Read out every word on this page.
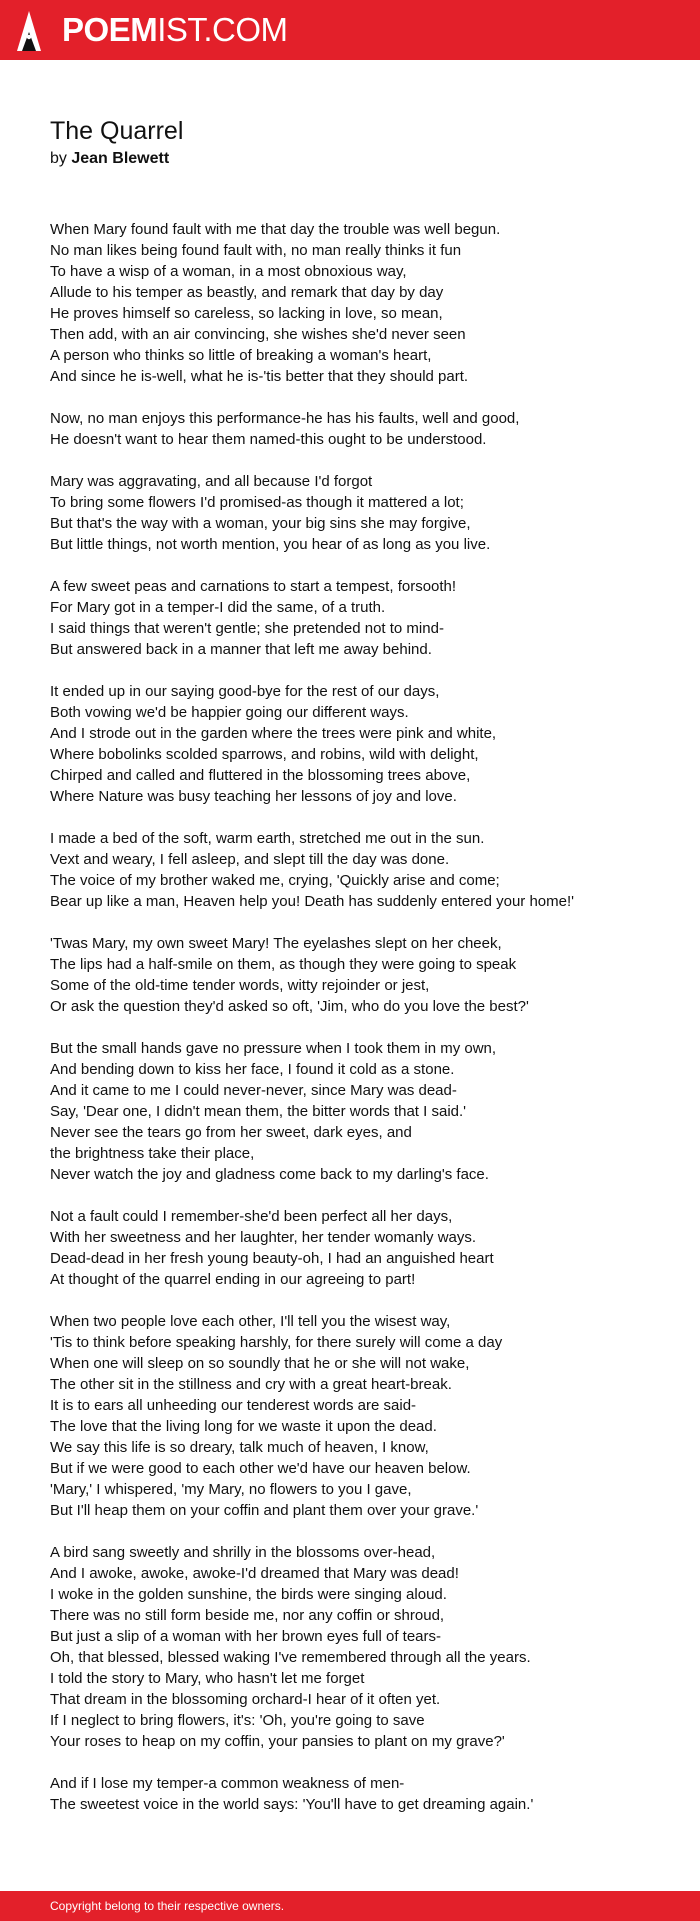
POEMIST.COM
The Quarrel
by Jean Blewett
When Mary found fault with me that day the trouble was well begun.
No man likes being found fault with, no man really thinks it fun
To have a wisp of a woman, in a most obnoxious way,
Allude to his temper as beastly, and remark that day by day
He proves himself so careless, so lacking in love, so mean,
Then add, with an air convincing, she wishes she'd never seen
A person who thinks so little of breaking a woman's heart,
And since he is-well, what he is-'tis better that they should part.
Now, no man enjoys this performance-he has his faults, well and good,
He doesn't want to hear them named-this ought to be understood.
Mary was aggravating, and all because I'd forgot
To bring some flowers I'd promised-as though it mattered a lot;
But that's the way with a woman, your big sins she may forgive,
But little things, not worth mention, you hear of as long as you live.
A few sweet peas and carnations to start a tempest, forsooth!
For Mary got in a temper-I did the same, of a truth.
I said things that weren't gentle; she pretended not to mind-
But answered back in a manner that left me away behind.
It ended up in our saying good-bye for the rest of our days,
Both vowing we'd be happier going our different ways.
And I strode out in the garden where the trees were pink and white,
Where bobolinks scolded sparrows, and robins, wild with delight,
Chirped and called and fluttered in the blossoming trees above,
Where Nature was busy teaching her lessons of joy and love.
I made a bed of the soft, warm earth, stretched me out in the sun.
Vext and weary, I fell asleep, and slept till the day was done.
The voice of my brother waked me, crying, 'Quickly arise and come;
Bear up like a man, Heaven help you! Death has suddenly entered your home!'
'Twas Mary, my own sweet Mary! The eyelashes slept on her cheek,
The lips had a half-smile on them, as though they were going to speak
Some of the old-time tender words, witty rejoinder or jest,
Or ask the question they'd asked so oft, 'Jim, who do you love the best?'
But the small hands gave no pressure when I took them in my own,
And bending down to kiss her face, I found it cold as a stone.
And it came to me I could never-never, since Mary was dead-
Say, 'Dear one, I didn't mean them, the bitter words that I said.'
Never see the tears go from her sweet, dark eyes, and
the brightness take their place,
Never watch the joy and gladness come back to my darling's face.
Not a fault could I remember-she'd been perfect all her days,
With her sweetness and her laughter, her tender womanly ways.
Dead-dead in her fresh young beauty-oh, I had an anguished heart
At thought of the quarrel ending in our agreeing to part!
When two people love each other, I'll tell you the wisest way,
'Tis to think before speaking harshly, for there surely will come a day
When one will sleep on so soundly that he or she will not wake,
The other sit in the stillness and cry with a great heart-break.
It is to ears all unheeding our tenderest words are said-
The love that the living long for we waste it upon the dead.
We say this life is so dreary, talk much of heaven, I know,
But if we were good to each other we'd have our heaven below.
'Mary,' I whispered, 'my Mary, no flowers to you I gave,
But I'll heap them on your coffin and plant them over your grave.'
A bird sang sweetly and shrilly in the blossoms over-head,
And I awoke, awoke, awoke-I'd dreamed that Mary was dead!
I woke in the golden sunshine, the birds were singing aloud.
There was no still form beside me, nor any coffin or shroud,
But just a slip of a woman with her brown eyes full of tears-
Oh, that blessed, blessed waking I've remembered through all the years.
I told the story to Mary, who hasn't let me forget
That dream in the blossoming orchard-I hear of it often yet.
If I neglect to bring flowers, it's: 'Oh, you're going to save
Your roses to heap on my coffin, your pansies to plant on my grave?'
And if I lose my temper-a common weakness of men-
The sweetest voice in the world says: 'You'll have to get dreaming again.'
Copyright belong to their respective owners.
